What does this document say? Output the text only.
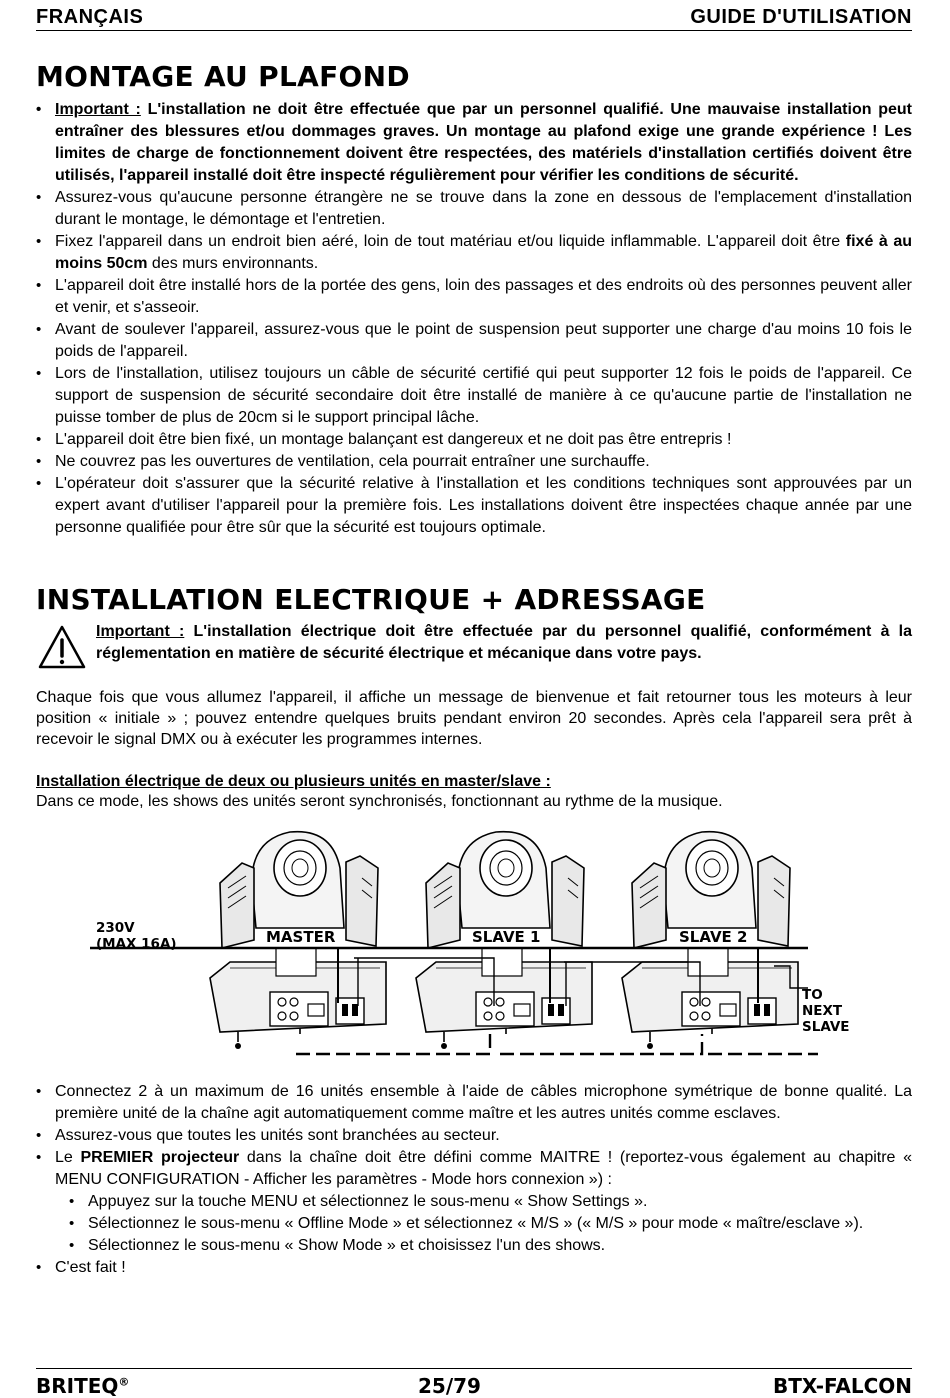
FRANÇAIS	GUIDE D'UTILISATION
MONTAGE AU PLAFOND
• Important : L'installation ne doit être effectuée que par un personnel qualifié. Une mauvaise installation peut entraîner des blessures et/ou dommages graves. Un montage au plafond exige une grande expérience ! Les limites de charge de fonctionnement doivent être respectées, des matériels d'installation certifiés doivent être utilisés, l'appareil installé doit être inspecté régulièrement pour vérifier les conditions de sécurité.
• Assurez-vous qu'aucune personne étrangère ne se trouve dans la zone en dessous de l'emplacement d'installation durant le montage, le démontage et l'entretien.
• Fixez l'appareil dans un endroit bien aéré, loin de tout matériau et/ou liquide inflammable. L'appareil doit être fixé à au moins 50cm des murs environnants.
• L'appareil doit être installé hors de la portée des gens, loin des passages et des endroits où des personnes peuvent aller et venir, et s'asseoir.
• Avant de soulever l'appareil, assurez-vous que le point de suspension peut supporter une charge d'au moins 10 fois le poids de l'appareil.
• Lors de l'installation, utilisez toujours un câble de sécurité certifié qui peut supporter 12 fois le poids de l'appareil. Ce support de suspension de sécurité secondaire doit être installé de manière à ce qu'aucune partie de l'installation ne puisse tomber de plus de 20cm si le support principal lâche.
• L'appareil doit être bien fixé, un montage balançant est dangereux et ne doit pas être entrepris !
• Ne couvrez pas les ouvertures de ventilation, cela pourrait entraîner une surchauffe.
• L'opérateur doit s'assurer que la sécurité relative à l'installation et les conditions techniques sont approuvées par un expert avant d'utiliser l'appareil pour la première fois. Les installations doivent être inspectées chaque année par une personne qualifiée pour être sûr que la sécurité est toujours optimale.
INSTALLATION ELECTRIQUE + ADRESSAGE
Important : L'installation électrique doit être effectuée par du personnel qualifié, conformément à la réglementation en matière de sécurité électrique et mécanique dans votre pays.
Chaque fois que vous allumez l'appareil, il affiche un message de bienvenue et fait retourner tous les moteurs à leur position « initiale » ; pouvez entendre quelques bruits pendant environ 20 secondes. Après cela l'appareil sera prêt à recevoir le signal DMX ou à exécuter les programmes internes.
Installation électrique de deux ou plusieurs unités en master/slave :
Dans ce mode, les shows des unités seront synchronisés, fonctionnant au rythme de la musique.
230V
(MAX 16A)	MASTER	SLAVE 1	SLAVE 2
TO NEXT
SLAVE
• Connectez 2 à un maximum de 16 unités ensemble à l'aide de câbles microphone symétrique de bonne qualité. La première unité de la chaîne agit automatiquement comme maître et les autres unités comme esclaves.
• Assurez-vous que toutes les unités sont branchées au secteur.
• Le PREMIER projecteur dans la chaîne doit être défini comme MAITRE ! (reportez-vous également au chapitre « MENU CONFIGURATION - Afficher les paramètres - Mode hors connexion ») :
• Appuyez sur la touche MENU et sélectionnez le sous-menu « Show Settings ».
• Sélectionnez le sous-menu « Offline Mode » et sélectionnez « M/S » (« M/S » pour mode « maître/esclave »).
• Sélectionnez le sous-menu « Show Mode » et choisissez l'un des shows.
• C'est fait !
BRITEQ®	25/79	BTX-FALCON
